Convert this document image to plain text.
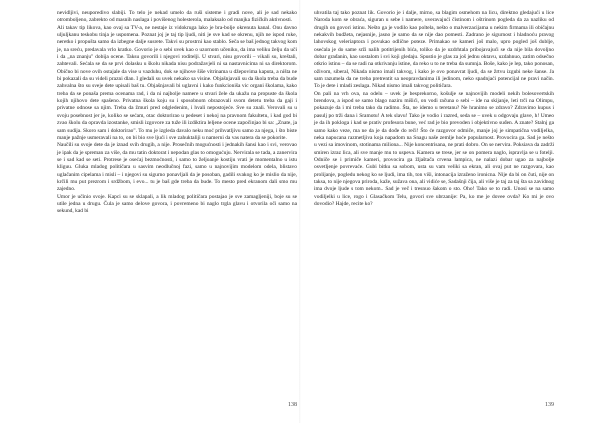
nevidljivi, neuporedivo slabiji. To telo je nekad umelo da ruši sisteme i gradi nove, ali je sad nekako otromboljeno, zabrekto od masnih naslaga i povišenog holesterola, malaksalo od manjka fizičkih aktivnosti.

Ali takav tip likova, kao ovaj sa TV-a, ne nestaje iz vidokruga lako je bra-bolje okrenuta kanal. Onu davno uljuljkanu teskobu tinja je uspomena. Poznat joj je taj tip ljudi, niti je sve kad se okrenu, njih ne ispod ruke, neretko i propušta samo da izbegne dalje susrete. Takvi su prostrni kao stablo. Seča se baš jednog takvog kom je, na sreću, predavala vrlo kratko. Govorio je o sebi uvek kao o uzornom učeniku, da ima veliku želju da uči i da „na znanju" dobija ocene. Taksu govorili i njegovi roditelji. U stvari, nisu govorili – vikali su, kreštali, zahtevali. Sećala se da se prvi dolasku u školu nikada nisu podražavjeli ni sa nastavnicima ni sa direktorom. Obično bi nove ovih ostajale da vise u vazduhu, dok se njihove šiše vitrinama u džepovima kaputa, a ništa ne bi pokazali da su videli prazni dlan. I gledali su uvek nekako sa visine. Objašnjavali su da škola treba da bude zahvalna što su sveje dete upisali baš tu. Objašnjavali bi uglavni i kako funkcioniša vic organi školama, kako treba da se ponaša prema ocenama rad, i da ni najbolje namere u stvari žele da ukažu na propuste da škola kojih njihovo dete spašeno. Privatna škola koju su i sposobnom obrazovali svom detetu treba da gaji i privatne odnose sa njim. Treba da žmuri pred odgledenim, i hvali nepostojeće. Sve su znali. Verovali su u svoju posebnost jer je, koliko se sećam, otac doktorirao u pedeset i nekoj na pravnom fakultetu, i kad god bi zvao školu da opravda izostanke, smisli izgovore za tuže ili izdiktira leljene ocene započinjao bi sa: „Znate, ja sam sudija. Skoro sam i doktorirao". To mu je izgleda davalo neku moć prihvatljivu samo za njega, i što biste manje pažnje usmeravali na to, on bi bio sve ljući i sve zahuktaliji u namerni da vas natera da se pokorite.

Naučili su svoje dete da je iznad svih drugih, a nije. Prosečnih mogućnosti i jednakih šansi kao i svi, verovao je ipak da je spreman za više, da mu tatin doktorat i nepodan glas to omogućuju. Nervirala se tada, a zanervira se i sad kad se seti. Protresе je osećaj bezmoćnosti, i samo to željoanje kostiju vrati je momentalno u istu kliguu. Gluka mladog političara u sasvim neodlučnoj fazi, samo u najnovijim modelom odela, blistavo uglačanim cipelama i misli – i njegovi su sigurno ponavljali da je posoban, gadili svakog ko je mislio da nije, krčili mu put prezrom i srdžbom, i evo... tu je baš gde treba da bude. To mesto pred ekranom dali smo mu zajedno.

Umor je učinio svoje. Kapci su se sklapali, a lik mladog političara postajao je sve zamagljeniji, boje su se utile jedna u drugu. Čula je samo delove govora, i povremeno bi naglo trgla glavu i otvorila oči samo na sekund, kad bi

138

uhvatila taj tako poznat lik. Govorio je i dalje, mirno, sa blagim osmehom na licu, direktno gledajući u lice Naroda kom se obraća, siguran u sebe i namere, uveravajući čistinom i oštrinom pogleda da za nazliku od drugih on govori istinu. Nešto ga je vodilo kao poltela, nešto o malverzacijama u nekim firmama ili običajnu nekakvih budžeta, nejasnije, jasno je samo da se nije dao pomesti. Zadrano je sigurnost i hladnoću pravog lahovskog veleriaptora i povukao odlične poteze. Primakao se kameri još malo, upro pogled još dublje, osećala je do same srži nalih potitrijenih bića, toliko da je uzdrhtala pribojavajući se da nije bila dovoljno dobar građanin, kao uostalom i svi koji gledaju. Spustio je glas za još jednu oktavu, uzdahnuo, zatim odsečno otkrio istinu – da se radi na otkrivanju istine, da reko u to ne treba da sumnja. Boše, kako je lep, tako ponosan, oživom, siberal, Nikada nismo imali takvog, i kako je ovo ponavrat ljudi, da se žrtvu izgubi neke šanse. Ja sam razumela da ne treba pretrentit sa neopravdanima ili jedinom, neko spadnjaći potencijal ne pravi način. To je dete i mladi zeslaga. Nikad nismo imali takvog političara.

On pali na vrh ova, na odelu – uvek je besprekorno, košulje se najnovijih modeli nekih bolesovertskih brendova, a ispod se samo blago naziru mišići, on vodi računa o sebi – ide na skijanje, leti trči na Olimpu, pokazuje da i mi treba tako da radimo. Šta, ne idemo u teretanu? Ne hranimo se zdravo? Zdravimo kupus i pasulj po trži dana i Sramotu! A tek slavu! Tako je vodio i razred, seda se – uvek u odgovaju glave, h! Umeo je da ih pokloga i kad se prativ profesora bune, već rad je bio prevoden i objektivno suđen. A znate? Stalnj ga samo kako veze, ma ne da je da dođe do reči! Što će razgovor odmiče, manje joj je simpatična vodiljelka, neka napucana razmetljiva koja napadom na Snagu naše zemlje hoće popularnost. Provocira ga. Sad je nešto u vezi sa imovinom, stotinama miliona... Nije koncentrisana, ne prati dobro. On se nervira. Poksiava da zadrži smiren izraz lica, ali sve manje mu to uspeva. Kamera se trese, jer se on pomera naglo, ispravlja se u fotelji. Odniče se i primiče kameri, provocira ga žljaštača crvena lampica, ne nalazi dobar ugao za najbolje osvetljenje povrevaće. Gubi bitku sa sobom, usta su vam veliki sa ekran, ali ovaj put ne razgovara, kao prolijanje, pogledu nekog ko se ljudi, ima tih, ton viši, intonacija izraženo ironicna. Nije da bi on čuti, nije on taksa, to nije njegova priroda, kaže, sužava ona, ali vidiće se, Sadašnji čija, ali više je taj za taj šta sa zavidnog ima dvoje ljude s tom nekom.. Sad je več i tresnuo šakom o sto. Oho! Tako se to radi. Unosi se na samo vodiljelki u lice, rogo i Glasačkom Telu, govori sve ubrzanije: Pa, ko me je dovee ovda? Ko mi je ovo dovodio? Hajde, recite ko?

139
